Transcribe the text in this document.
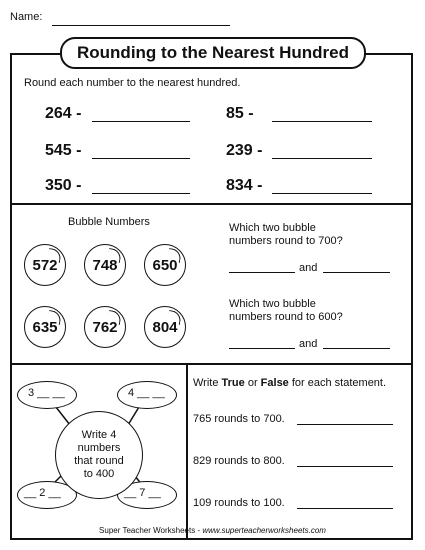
Name:
Rounding to the Nearest Hundred
Round each number to the nearest hundred.
264 -
545 -
350 -
85 -
239 -
834 -
Bubble Numbers
572 748 650
635 762 804
Which two bubble
numbers round to 700?
and
Which two bubble
numbers round to 600?
and
3 __ __	4 __ __
__ 2 __	__ 7 __
Write 4
numbers
that round
to 400
Write True or False for each statement.
765 rounds to 700.
829 rounds to 800.
109 rounds to 100.
Super Teacher Worksheets - www.superteacherworksheets.com
